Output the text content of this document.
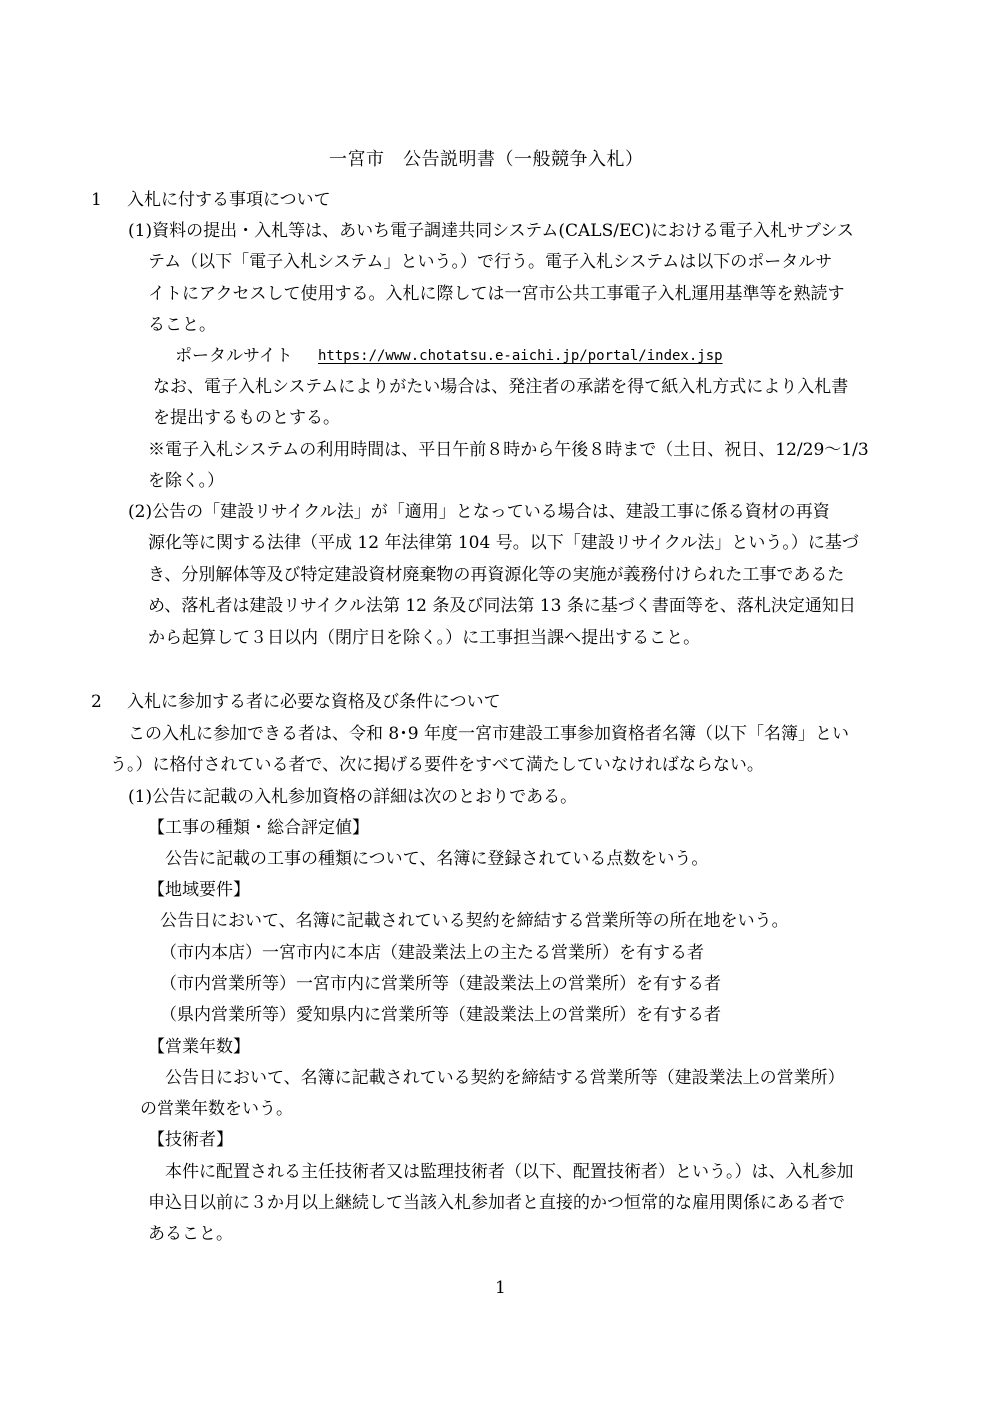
一宮市　公告説明書（一般競争入札）
1 入札に付する事項について
(1)資料の提出・入札等は、あいち電子調達共同システム(CALS/EC)における電子入札サブシス
テム（以下「電子入札システム」という。）で行う。電子入札システムは以下のポータルサ
イトにアクセスして使用する。入札に際しては一宮市公共工事電子入札運用基準等を熟読す
ること。
ポータルサイト https://www.chotatsu.e-aichi.jp/portal/index.jsp
なお、電子入札システムによりがたい場合は、発注者の承諾を得て紙入札方式により入札書
を提出するものとする。
※電子入札システムの利用時間は、平日午前８時から午後８時まで（土日、祝日、12/29～1/3
を除く。）
(2)公告の「建設リサイクル法」が「適用」となっている場合は、建設工事に係る資材の再資
源化等に関する法律（平成 12 年法律第 104 号。以下「建設リサイクル法」という。）に基づ
き、分別解体等及び特定建設資材廃棄物の再資源化等の実施が義務付けられた工事であるた
め、落札者は建設リサイクル法第 12 条及び同法第 13 条に基づく書面等を、落札決定通知日
から起算して３日以内（閉庁日を除く。）に工事担当課へ提出すること。
2 入札に参加する者に必要な資格及び条件について
この入札に参加できる者は、令和 8･9 年度一宮市建設工事参加資格者名簿（以下「名簿」とい
う。）に格付されている者で、次に掲げる要件をすべて満たしていなければならない。
(1)公告に記載の入札参加資格の詳細は次のとおりである。
【工事の種類・総合評定値】
公告に記載の工事の種類について、名簿に登録されている点数をいう。
【地域要件】
公告日において、名簿に記載されている契約を締結する営業所等の所在地をいう。
（市内本店）一宮市内に本店（建設業法上の主たる営業所）を有する者
（市内営業所等）一宮市内に営業所等（建設業法上の営業所）を有する者
（県内営業所等）愛知県内に営業所等（建設業法上の営業所）を有する者
【営業年数】
公告日において、名簿に記載されている契約を締結する営業所等（建設業法上の営業所）
の営業年数をいう。
【技術者】
本件に配置される主任技術者又は監理技術者（以下、配置技術者）という。）は、入札参加
申込日以前に３か月以上継続して当該入札参加者と直接的かつ恒常的な雇用関係にある者で
あること。
1
